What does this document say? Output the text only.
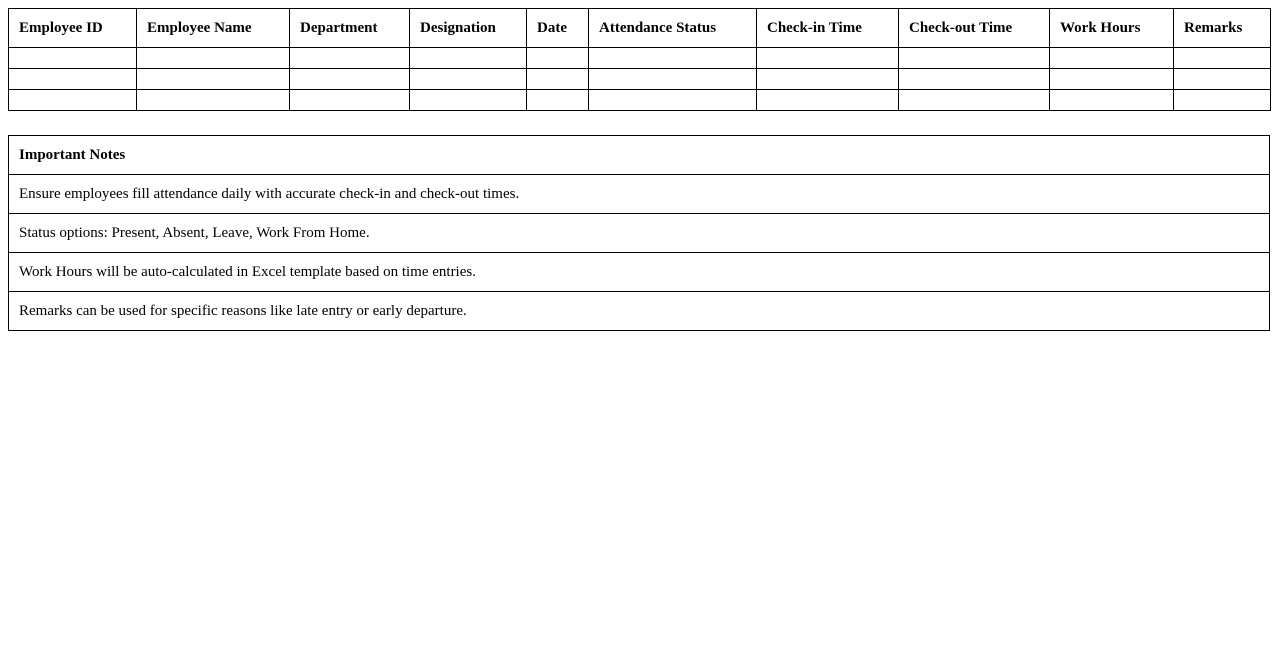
Employee ID	Employee Name	Department	Designation	Date	Attendance Status	Check-in Time	Check-out Time	Work Hours	Remarks

Important Notes
Ensure employees fill attendance daily with accurate check-in and check-out times.
Status options: Present, Absent, Leave, Work From Home.
Work Hours will be auto-calculated in Excel template based on time entries.
Remarks can be used for specific reasons like late entry or early departure.
